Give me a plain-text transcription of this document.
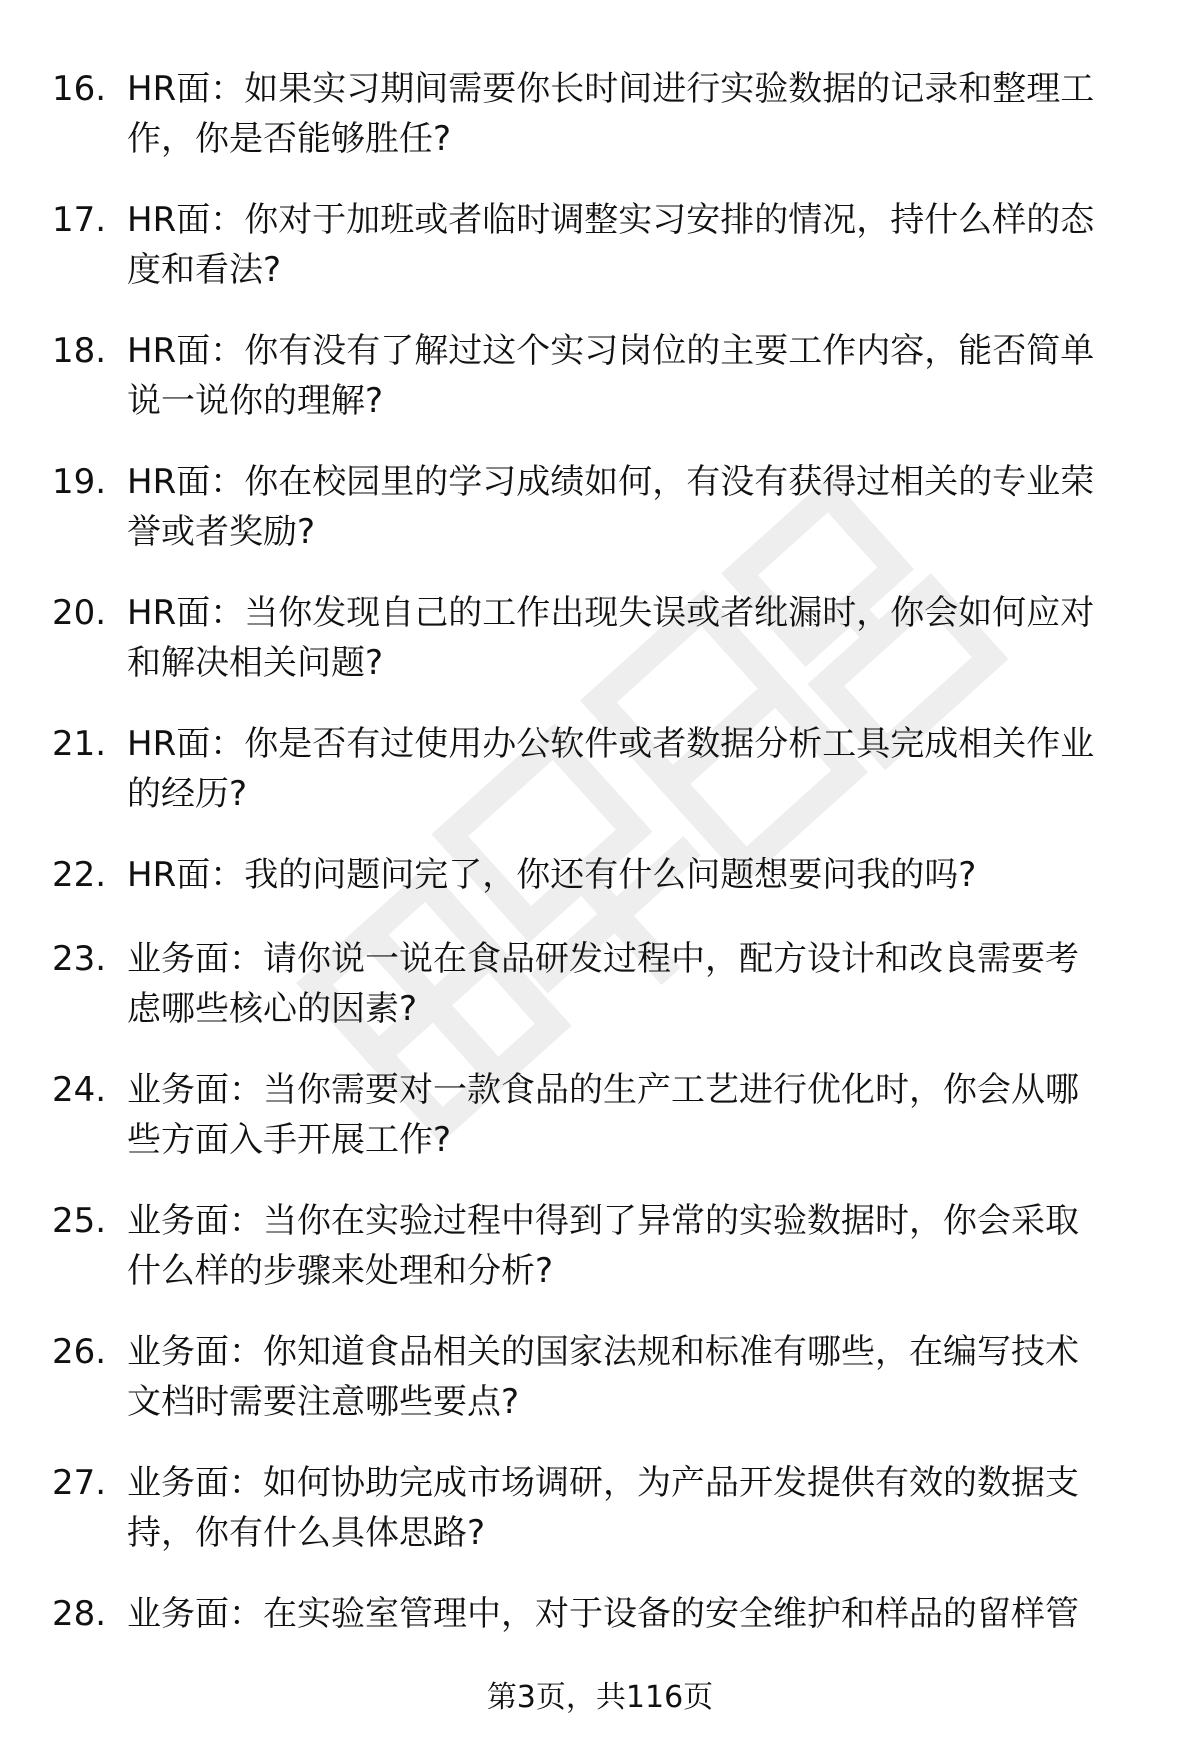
16. HR面：如果实习期间需要你长时间进行实验数据的记录和整理工
作，你是否能够胜任?
17. HR面：你对于加班或者临时调整实习安排的情况，持什么样的态
度和看法?
18. HR面：你有没有了解过这个实习岗位的主要工作内容，能否简单
说一说你的理解?
19. HR面：你在校园里的学习成绩如何，有没有获得过相关的专业荣
誉或者奖励?
20. HR面：当你发现自己的工作出现失误或者纰漏时，你会如何应对
和解决相关问题?
21. HR面：你是否有过使用办公软件或者数据分析工具完成相关作业
的经历?
22. HR面：我的问题问完了，你还有什么问题想要问我的吗?
23. 业务面：请你说一说在食品研发过程中，配方设计和改良需要考
虑哪些核心的因素?
24. 业务面：当你需要对一款食品的生产工艺进行优化时，你会从哪
些方面入手开展工作?
25. 业务面：当你在实验过程中得到了异常的实验数据时，你会采取
什么样的步骤来处理和分析?
26. 业务面：你知道食品相关的国家法规和标准有哪些，在编写技术
文档时需要注意哪些要点?
27. 业务面：如何协助完成市场调研，为产品开发提供有效的数据支
持，你有什么具体思路?
28. 业务面：在实验室管理中，对于设备的安全维护和样品的留样管
第3页，共116页
